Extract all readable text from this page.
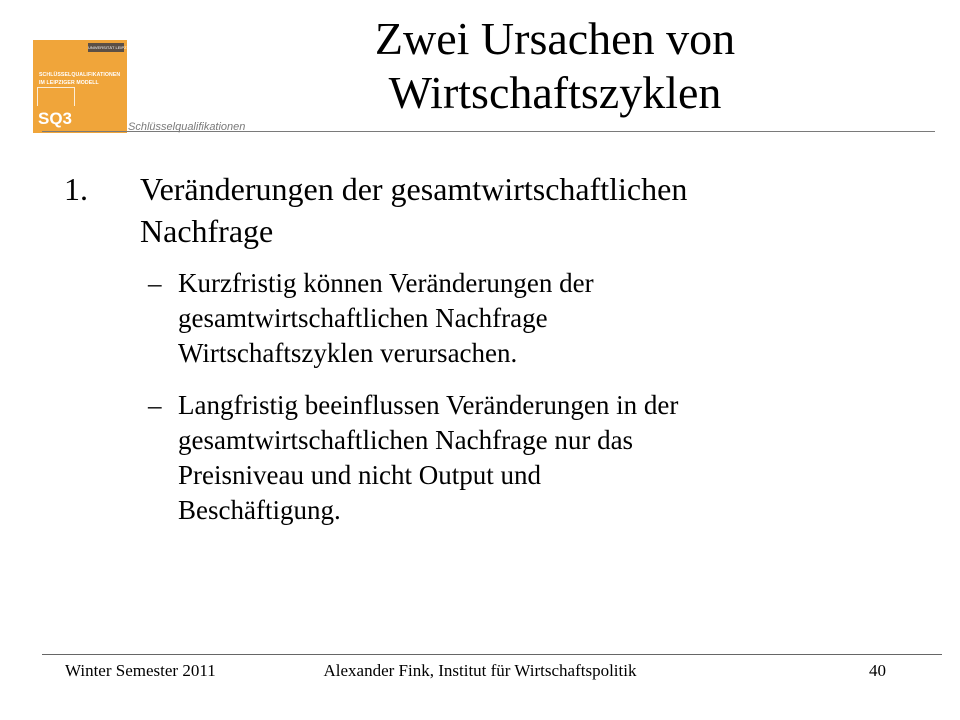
UNIVERSITÄT LEIPZIG
SCHLÜSSELQUALIFIKATIONEN
IM LEIPZIGER MODELL
SQ3	Schlüsselqualifikationen
Zwei Ursachen von
Wirtschaftszyklen
1.	Veränderungen der gesamtwirtschaftlichen
Nachfrage
– Kurzfristig können Veränderungen der
gesamtwirtschaftlichen Nachfrage
Wirtschaftszyklen verursachen.
– Langfristig beeinflussen Veränderungen in der
gesamtwirtschaftlichen Nachfrage nur das
Preisniveau und nicht Output und
Beschäftigung.
Winter Semester 2011	Alexander Fink, Institut für Wirtschaftspolitik	40
